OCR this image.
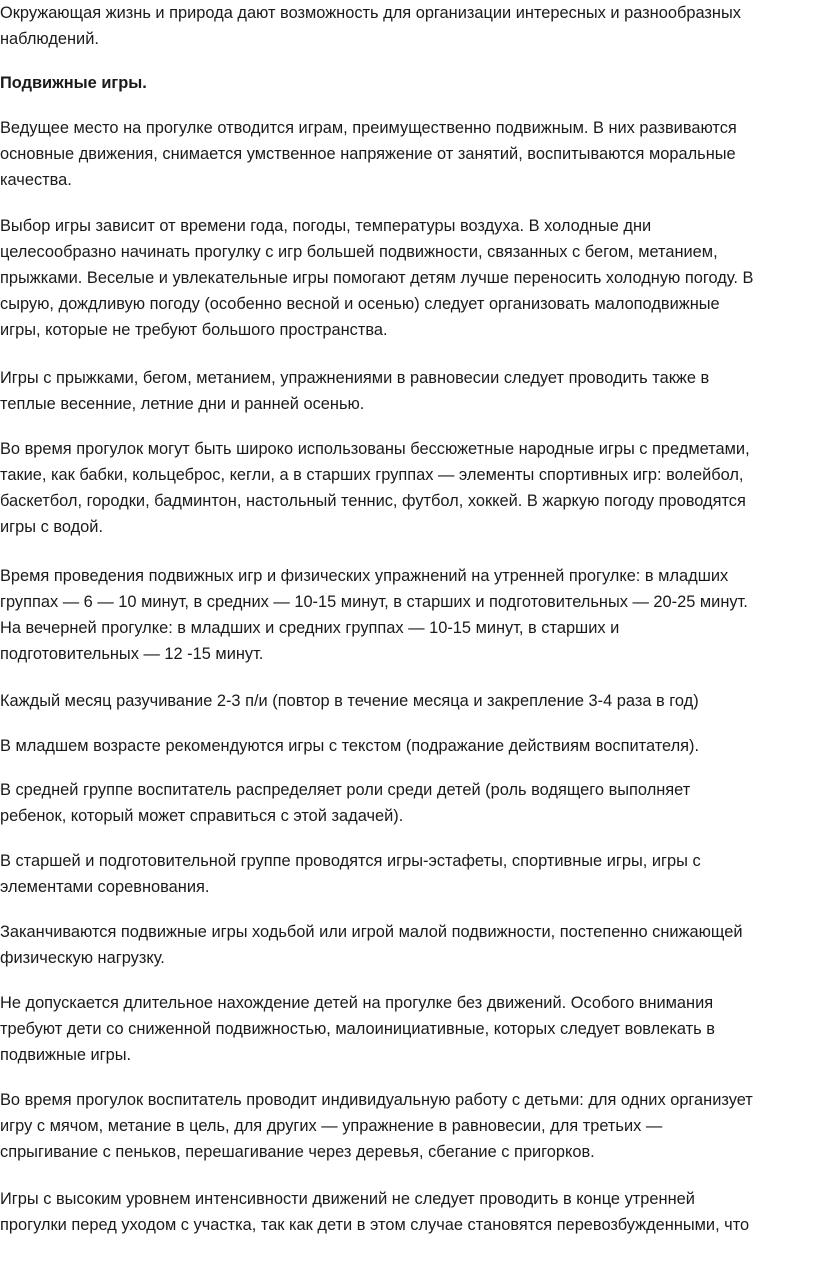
Окружающая жизнь и природа дают возможность для организации интересных и разнообразных
наблюдений.

Подвижные игры.

Ведущее место на прогулке отводится играм, преимущественно подвижным. В них развиваются
основные движения, снимается умственное напряжение от занятий, воспитываются моральные
качества.

Выбор игры зависит от времени года, погоды, температуры воздуха. В холодные дни
целесообразно начинать прогулку с игр большей подвижности, связанных с бегом, метанием,
прыжками. Веселые и увлекательные игры помогают детям лучше переносить холодную погоду. В
сырую, дождливую погоду (особенно весной и осенью) следует организовать малоподвижные
игры, которые не требуют большого пространства.

Игры с прыжками, бегом, метанием, упражнениями в равновесии следует проводить также в
теплые весенние, летние дни и ранней осенью.

Во время прогулок могут быть широко использованы бессюжетные народные игры с предметами,
такие, как бабки, кольцеброс, кегли, а в старших группах — элементы спортивных игр: волейбол,
баскетбол, городки, бадминтон, настольный теннис, футбол, хоккей. В жаркую погоду проводятся
игры с водой.

Время проведения подвижных игр и физических упражнений на утренней прогулке: в младших
группах — 6 — 10 минут, в средних — 10-15 минут, в старших и подготовительных — 20-25 минут.
На вечерней прогулке: в младших и средних группах — 10-15 минут, в старших и
подготовительных — 12 -15 минут.

Каждый месяц разучивание 2-3 п/и (повтор в течение месяца и закрепление 3-4 раза в год)

В младшем возрасте рекомендуются игры с текстом (подражание действиям воспитателя).

В средней группе воспитатель распределяет роли среди детей (роль водящего выполняет
ребенок, который может справиться с этой задачей).

В старшей и подготовительной группе проводятся игры-эстафеты, спортивные игры, игры с
элементами соревнования.

Заканчиваются подвижные игры ходьбой или игрой малой подвижности, постепенно снижающей
физическую нагрузку.

Не допускается длительное нахождение детей на прогулке без движений. Особого внимания
требуют дети со сниженной подвижностью, малоинициативные, которых следует вовлекать в
подвижные игры.

Во время прогулок воспитатель проводит индивидуальную работу с детьми: для одних организует
игру с мячом, метание в цель, для других — упражнение в равновесии, для третьих —
спрыгивание с пеньков, перешагивание через деревья, сбегание с пригорков.

Игры с высоким уровнем интенсивности движений не следует проводить в конце утренней
прогулки перед уходом с участка, так как дети в этом случае становятся перевозбужденными, что
